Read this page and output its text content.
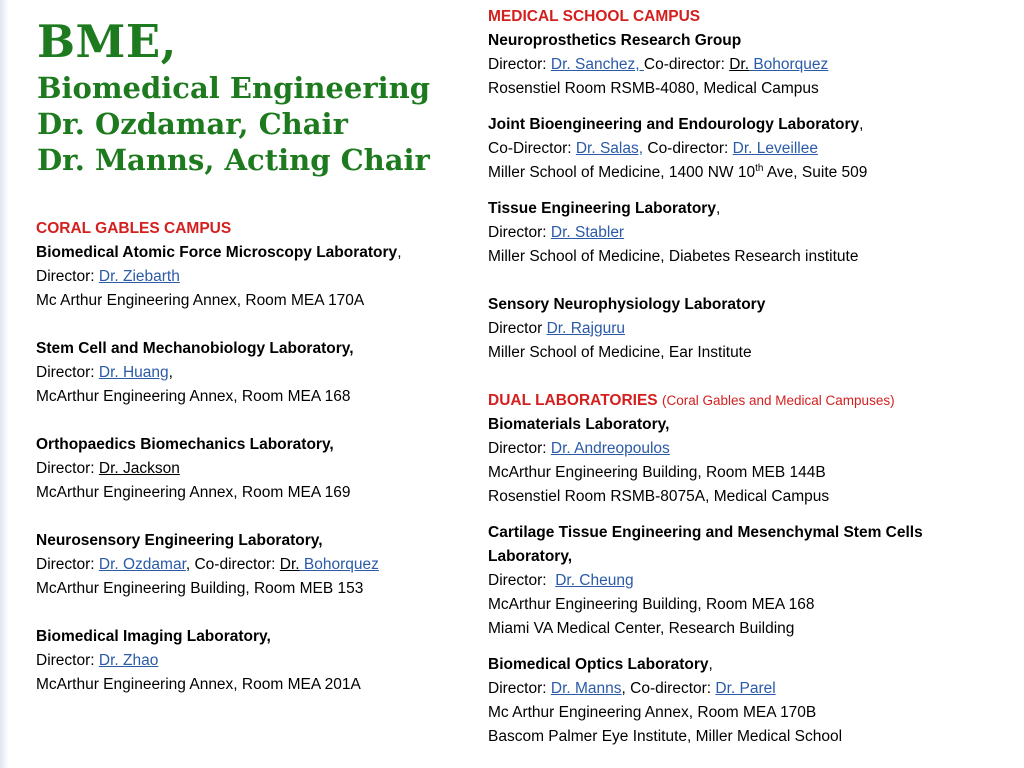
BME,
Biomedical Engineering
Dr. Ozdamar, Chair
Dr. Manns, Acting Chair
CORAL GABLES CAMPUS
Biomedical Atomic Force Microscopy Laboratory,
Director: Dr. Ziebarth
Mc Arthur Engineering Annex, Room MEA 170A
Stem Cell and Mechanobiology Laboratory,
Director: Dr. Huang,
McArthur Engineering Annex, Room MEA 168
Orthopaedics Biomechanics Laboratory,
Director: Dr. Jackson
McArthur Engineering Annex, Room MEA 169
Neurosensory Engineering Laboratory,
Director: Dr. Ozdamar, Co-director: Dr. Bohorquez
McArthur Engineering Building, Room MEB 153
Biomedical Imaging Laboratory,
Director: Dr. Zhao
McArthur Engineering Annex, Room MEA 201A
MEDICAL SCHOOL CAMPUS
Neuroprosthetics Research Group
Director: Dr. Sanchez, Co-director: Dr. Bohorquez
Rosenstiel Room RSMB-4080, Medical Campus
Joint Bioengineering and Endourology Laboratory,
Co-Director: Dr. Salas, Co-director: Dr. Leveillee
Miller School of Medicine, 1400 NW 10th Ave, Suite 509
Tissue Engineering Laboratory,
Director: Dr. Stabler
Miller School of Medicine, Diabetes Research institute
Sensory Neurophysiology Laboratory
Director Dr. Rajguru
Miller School of Medicine, Ear Institute
DUAL LABORATORIES (Coral Gables and Medical Campuses)
Biomaterials Laboratory,
Director: Dr. Andreopoulos
McArthur Engineering Building, Room MEB 144B
Rosenstiel Room RSMB-8075A, Medical Campus
Cartilage Tissue Engineering and Mesenchymal Stem Cells
Laboratory,
Director:  Dr. Cheung
McArthur Engineering Building, Room MEA 168
Miami VA Medical Center, Research Building
Biomedical Optics Laboratory,
Director: Dr. Manns, Co-director: Dr. Parel
Mc Arthur Engineering Annex, Room MEA 170B
Bascom Palmer Eye Institute, Miller Medical School
